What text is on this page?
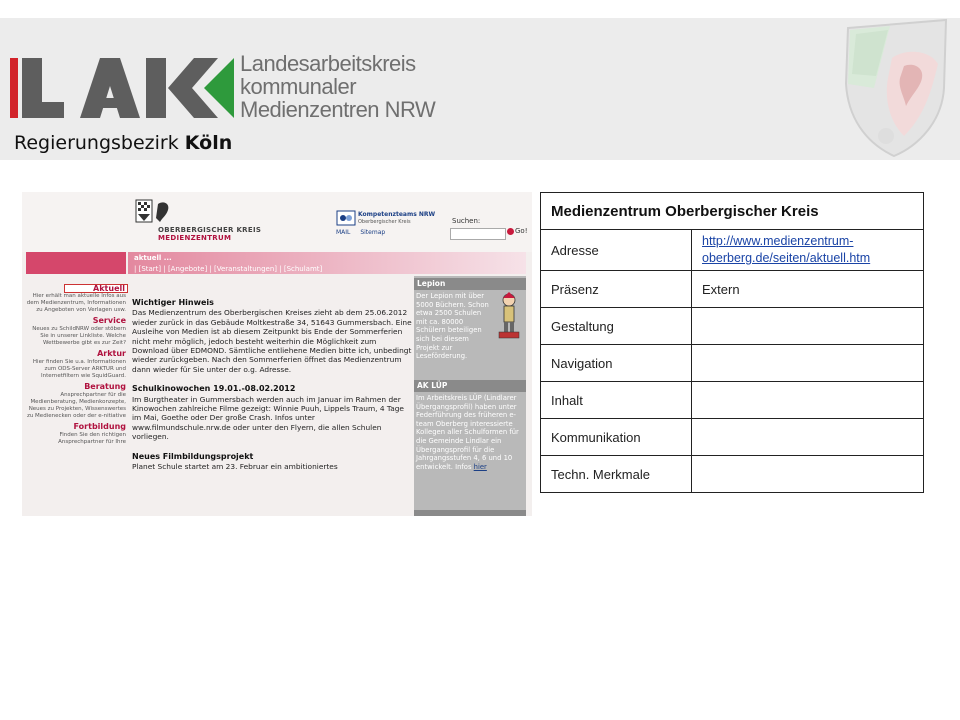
Landesarbeitskreis
kommunaler
Medienzentren NRW
Regierungsbezirk Köln
OBERBERGISCHER KREIS
MEDIENZENTRUM
Kompetenzteams NRW
Oberbergischer Kreis
MAIL Sitemap
Suchen:
Go!
aktuell ...
| [Start] | [Angebote] | [Veranstaltungen] | [Schulamt]
Aktuell

Hier erhält man aktuelle Infos aus dem Medienzentrum, Informationen zu Angeboten von Verlagen usw.

Service

Neues zu SchildNRW oder stöbern Sie in unserer Linkliste. Welche Wettbewerbe gibt es zur Zeit?

Arktur

Hier finden Sie u.a. Informationen zum ODS-Server ARKTUR und Internetfiltern wie SquidGuard.

Beratung

Ansprechpartner für die Medienberatung, Medienkonzepte, Neues zu Projekten, Wissenswertes zu Medienecken oder der e-nitiative

Fortbildung

Finden Sie den richtigen Ansprechpartner für Ihre

Wichtiger Hinweis

Das Medienzentrum des Oberbergischen Kreises zieht ab dem 25.06.2012 wieder zurück in das Gebäude Moltkestraße 34, 51643 Gummersbach. Eine Ausleihe von Medien ist ab diesem Zeitpunkt bis Ende der Sommerferien nicht mehr möglich, jedoch besteht weiterhin die Möglichkeit zum Download über EDMOND. Sämtliche entliehene Medien bitte ich, unbedingt wieder zurückgeben. Nach den Sommerferien öffnet das Medienzentrum dann wieder für Sie unter der o.g. Adresse.

Schulkinowochen 19.01.-08.02.2012

Im Burgtheater in Gummersbach werden auch im Januar im Rahmen der Kinowochen zahlreiche Filme gezeigt: Winnie Puuh, Lippels Traum, 4 Tage im Mai, Goethe oder Der große Crash. Infos unter www.filmundschule.nrw.de oder unter den Flyern, die allen Schulen vorliegen.

Neues Filmbildungsprojekt

Planet Schule startet am 23. Februar ein ambitioniertes

Lepion
Der Lepion mit über 5000 Büchern. Schon etwa 2500 Schulen mit ca. 80000 Schülern beteiligen sich bei diesem Projekt zur Leseförderung.
AK LÜP
Im Arbeitskreis LÜP (Lindlarer Übergangsprofil) haben unter Federführung des früheren e-team Oberberg interessierte Kollegen aller Schulformen für die Gemeinde Lindlar ein Übergangsprofil für die Jahrgangsstufen 4, 6 und 10 entwickelt. Infos hier
Medienzentrum Oberbergischer Kreis	
Adresse	http://www.medienzentrum-oberberg.de/seiten/aktuell.htm
Präsenz	Extern
Gestaltung	
Navigation	
Inhalt	
Kommunikation	
Techn. Merkmale	
